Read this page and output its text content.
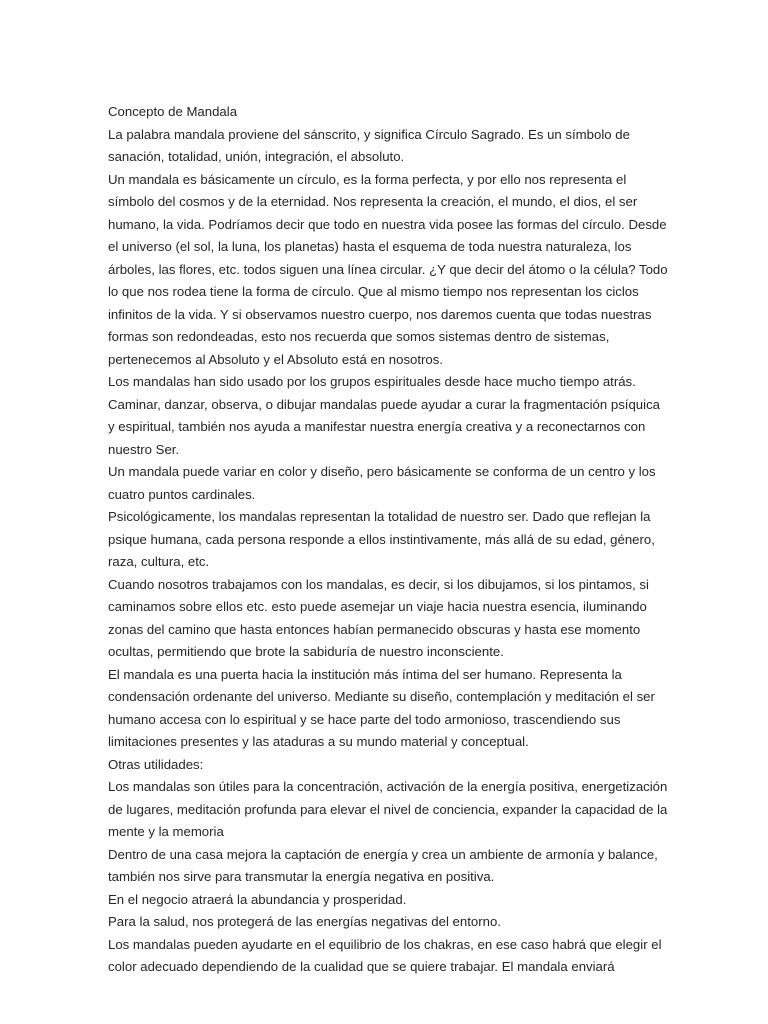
Concepto de Mandala

La palabra mandala proviene del sánscrito, y significa Círculo Sagrado. Es un símbolo de
sanación, totalidad, unión, integración, el absoluto.

Un mandala es básicamente un círculo, es la forma perfecta, y por ello nos representa el
símbolo del cosmos y de la eternidad. Nos representa la creación, el mundo, el dios, el ser
humano, la vida. Podríamos decir que todo en nuestra vida posee las formas del círculo. Desde
el universo (el sol, la luna, los planetas) hasta el esquema de toda nuestra naturaleza, los
árboles, las flores, etc. todos siguen una línea circular. ¿Y que decir del átomo o la célula? Todo
lo que nos rodea tiene la forma de círculo. Que al mismo tiempo nos representan los ciclos
infinitos de la vida. Y si observamos nuestro cuerpo, nos daremos cuenta que todas nuestras
formas son redondeadas, esto nos recuerda que somos sistemas dentro de sistemas,
pertenecemos al Absoluto y el Absoluto está en nosotros.

Los mandalas han sido usado por los grupos espirituales desde hace mucho tiempo atrás.
Caminar, danzar, observa, o dibujar mandalas puede ayudar a curar la fragmentación psíquica
y espiritual, también nos ayuda a manifestar nuestra energía creativa y a reconectarnos con
nuestro Ser.

Un mandala puede variar en color y diseño, pero básicamente se conforma de un centro y los
cuatro puntos cardinales.

Psicológicamente, los mandalas representan la totalidad de nuestro ser. Dado que reflejan la
psique humana, cada persona responde a ellos instintivamente, más allá de su edad, género,
raza, cultura, etc.

Cuando nosotros trabajamos con los mandalas, es decir, si los dibujamos, si los pintamos, si
caminamos sobre ellos etc. esto puede asemejar un viaje hacia nuestra esencia, iluminando
zonas del camino que hasta entonces habían permanecido obscuras y hasta ese momento
ocultas, permitiendo que brote la sabiduría de nuestro inconsciente.

El mandala es una puerta hacia la institución más íntima del ser humano. Representa la
condensación ordenante del universo. Mediante su diseño, contemplación y meditación el ser
humano accesa con lo espiritual y se hace parte del todo armonioso, trascendiendo sus
limitaciones presentes y las ataduras a su mundo material y conceptual.

Otras utilidades:

Los mandalas son útiles para la concentración, activación de la energía positiva, energetización
de lugares, meditación profunda para elevar el nivel de conciencia, expander la capacidad de la
mente y la memoria

Dentro de una casa mejora la captación de energía y crea un ambiente de armonía y balance,
también nos sirve para transmutar la energía negativa en positiva.

En el negocio atraerá la abundancia y prosperidad.

Para la salud, nos protegerá de las energías negativas del entorno.

Los mandalas pueden ayudarte en el equilibrio de los chakras, en ese caso habrá que elegir el
color adecuado dependiendo de la cualidad que se quiere trabajar. El mandala enviará
